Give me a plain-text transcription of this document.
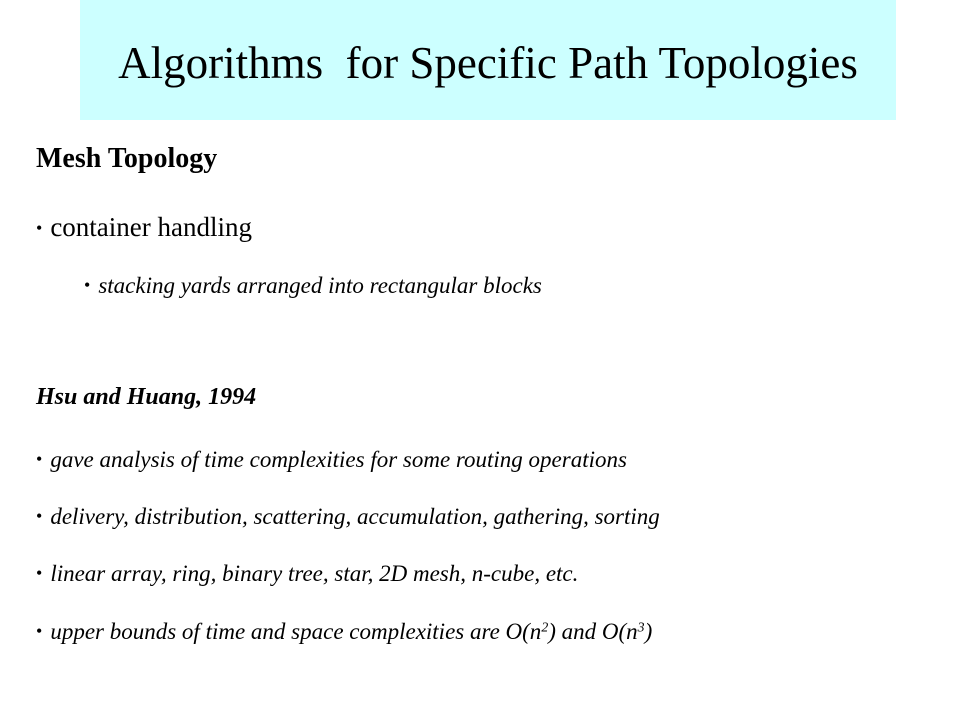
Algorithms  for Specific Path Topologies
Mesh Topology
• container handling
• stacking yards arranged into rectangular blocks
Hsu and Huang, 1994
• gave analysis of time complexities for some routing operations
• delivery, distribution, scattering, accumulation, gathering, sorting
• linear array, ring, binary tree, star, 2D mesh, n-cube, etc.
• upper bounds of time and space complexities are $O(n^2)$ and $O(n^3)$
